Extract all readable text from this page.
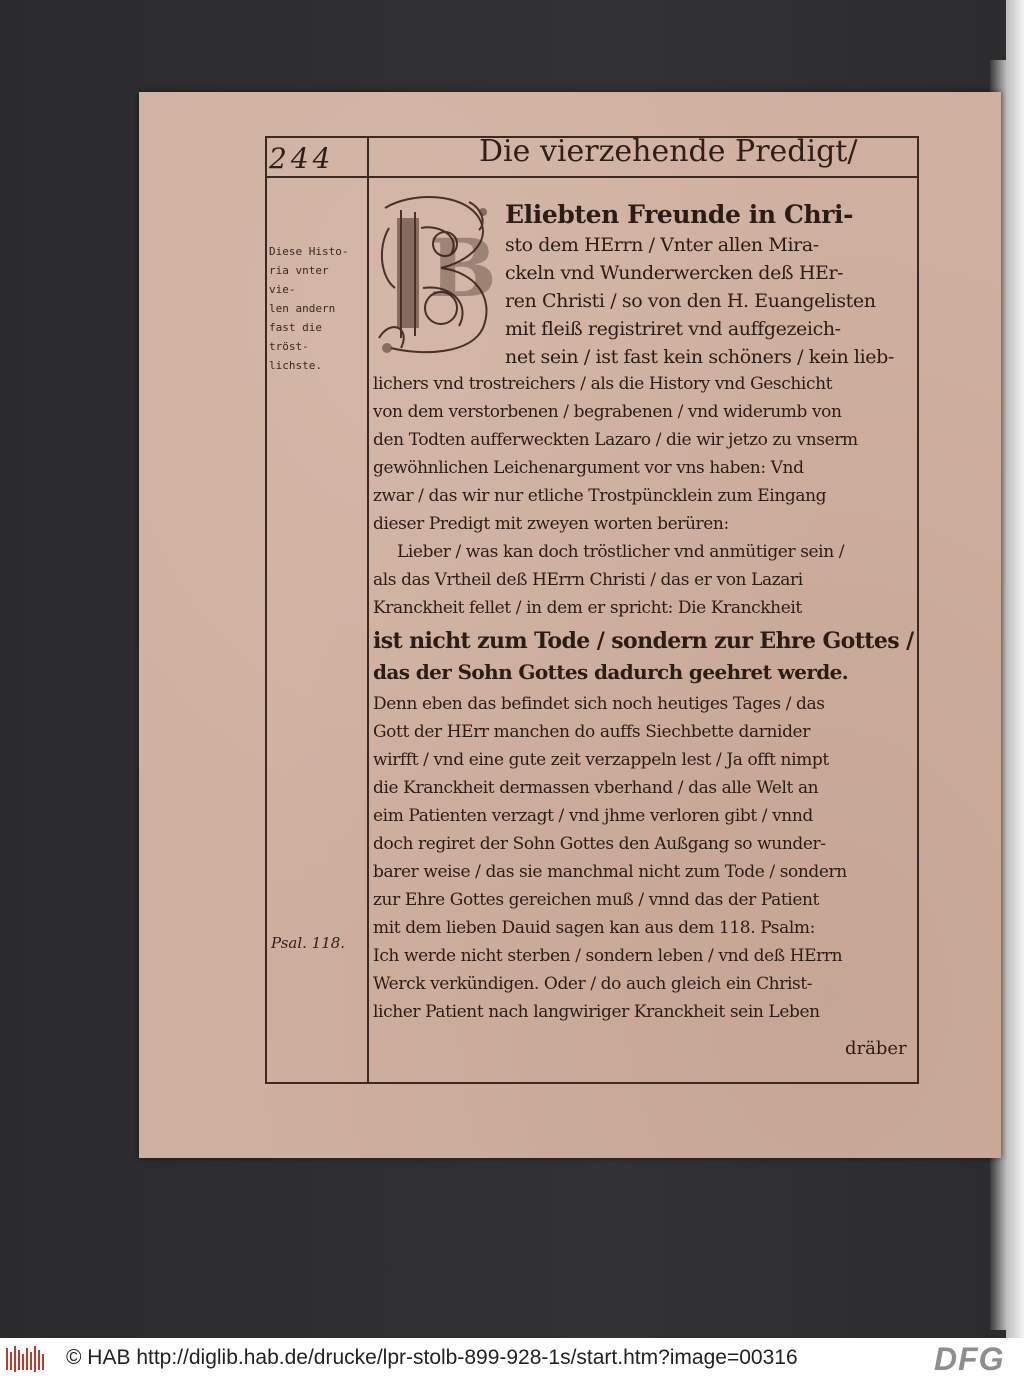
244	Die vierzehende Predigt/
Diese Histo-
ria vnter vie-
len andern
fast die tröst-
lichste.
Psal. 118.
B
Eliebten Freunde in Chri-
sto dem HErrn / Vnter allen Mira-
ckeln vnd Wunderwercken deß HEr-
ren Christi / so von den H. Euangelisten
mit fleiß registriret vnd auffgezeich-
net sein / ist fast kein schöners / kein lieb-
lichers vnd trostreichers / als die History vnd Geschicht
von dem verstorbenen / begrabenen / vnd widerumb von
den Todten aufferweckten Lazaro / die wir jetzo zu vnserm
gewöhnlichen Leichenargument vor vns haben: Vnd
zwar / das wir nur etliche Trostpüncklein zum Eingang
dieser Predigt mit zweyen worten berüren:
Lieber / was kan doch tröstlicher vnd anmütiger sein /
als das Vrtheil deß HErrn Christi / das er von Lazari
Kranckheit fellet / in dem er spricht: Die Kranckheit
ist nicht zum Tode / sondern zur Ehre Gottes /
das der Sohn Gottes dadurch geehret werde.
Denn eben das befindet sich noch heutiges Tages / das
Gott der HErr manchen do auffs Siechbette darnider
wirfft / vnd eine gute zeit verzappeln lest / Ja offt nimpt
die Kranckheit dermassen vberhand / das alle Welt an
eim Patienten verzagt / vnd jhme verloren gibt / vnnd
doch regiret der Sohn Gottes den Außgang so wunder-
barer weise / das sie manchmal nicht zum Tode / sondern
zur Ehre Gottes gereichen muß / vnnd das der Patient
mit dem lieben Dauid sagen kan aus dem 118. Psalm:
Ich werde nicht sterben / sondern leben / vnd deß HErrn
Werck verkündigen. Oder / do auch gleich ein Christ-
licher Patient nach langwiriger Kranckheit sein Leben
dräber
© HAB http://diglib.hab.de/drucke/lpr-stolb-899-928-1s/start.htm?image=00316	DFG
